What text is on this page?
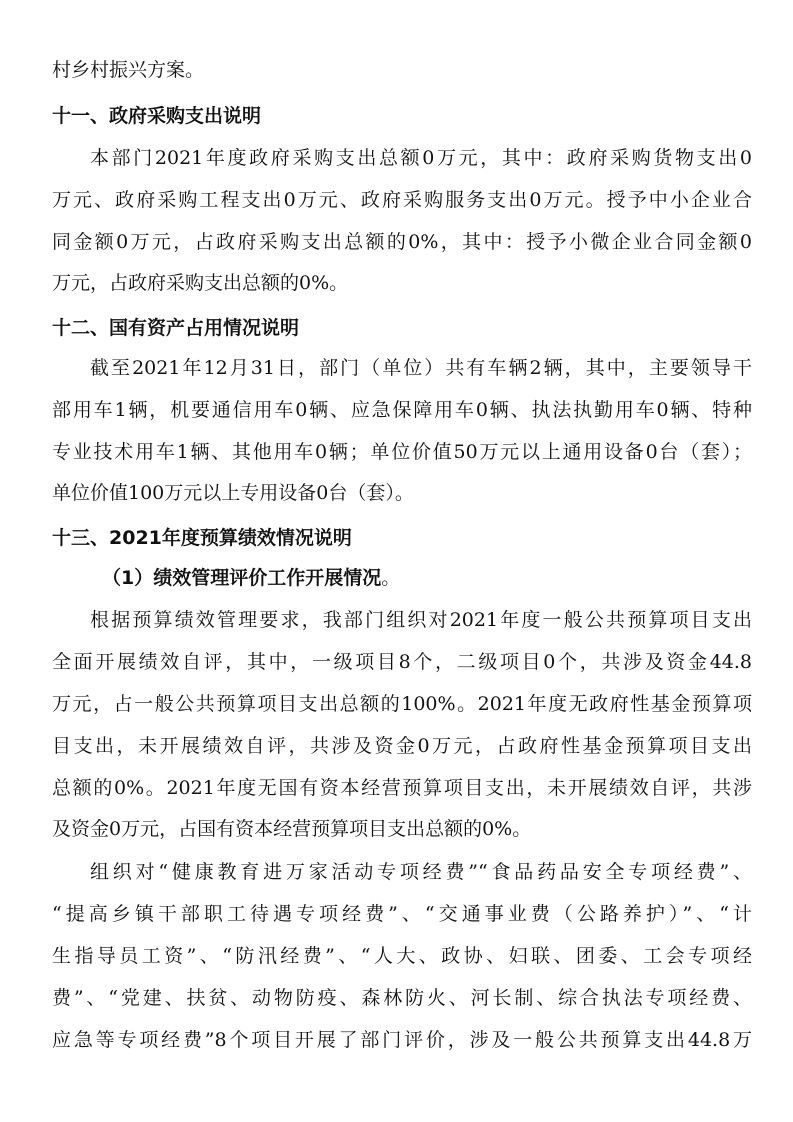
村乡村振兴方案。
十一、政府采购支出说明
本部门2021年度政府采购支出总额0万元，其中：政府采购货物支出0
万元、政府采购工程支出0万元、政府采购服务支出0万元。授予中小企业合
同金额0万元，占政府采购支出总额的0%，其中：授予小微企业合同金额0
万元，占政府采购支出总额的0%。
十二、国有资产占用情况说明
截至2021年12月31日，部门（单位）共有车辆2辆，其中，主要领导干
部用车1辆，机要通信用车0辆、应急保障用车0辆、执法执勤用车0辆、特种
专业技术用车1辆、其他用车0辆；单位价值50万元以上通用设备0台（套）；
单位价值100万元以上专用设备0台（套）。
十三、2021年度预算绩效情况说明
（1）绩效管理评价工作开展情况。
根据预算绩效管理要求，我部门组织对2021年度一般公共预算项目支出
全面开展绩效自评，其中，一级项目8个，二级项目0个，共涉及资金44.8
万元，占一般公共预算项目支出总额的100%。2021年度无政府性基金预算项
目支出，未开展绩效自评，共涉及资金0万元，占政府性基金预算项目支出
总额的0%。2021年度无国有资本经营预算项目支出，未开展绩效自评，共涉
及资金0万元，占国有资本经营预算项目支出总额的0%。
组织对“健康教育进万家活动专项经费”“食品药品安全专项经费”、
“提高乡镇干部职工待遇专项经费”、“交通事业费（公路养护）”、“计
生指导员工资”、“防汛经费”、“人大、政协、妇联、团委、工会专项经
费”、“党建、扶贫、动物防疫、森林防火、河长制、综合执法专项经费、
应急等专项经费”8个项目开展了部门评价，涉及一般公共预算支出44.8万
